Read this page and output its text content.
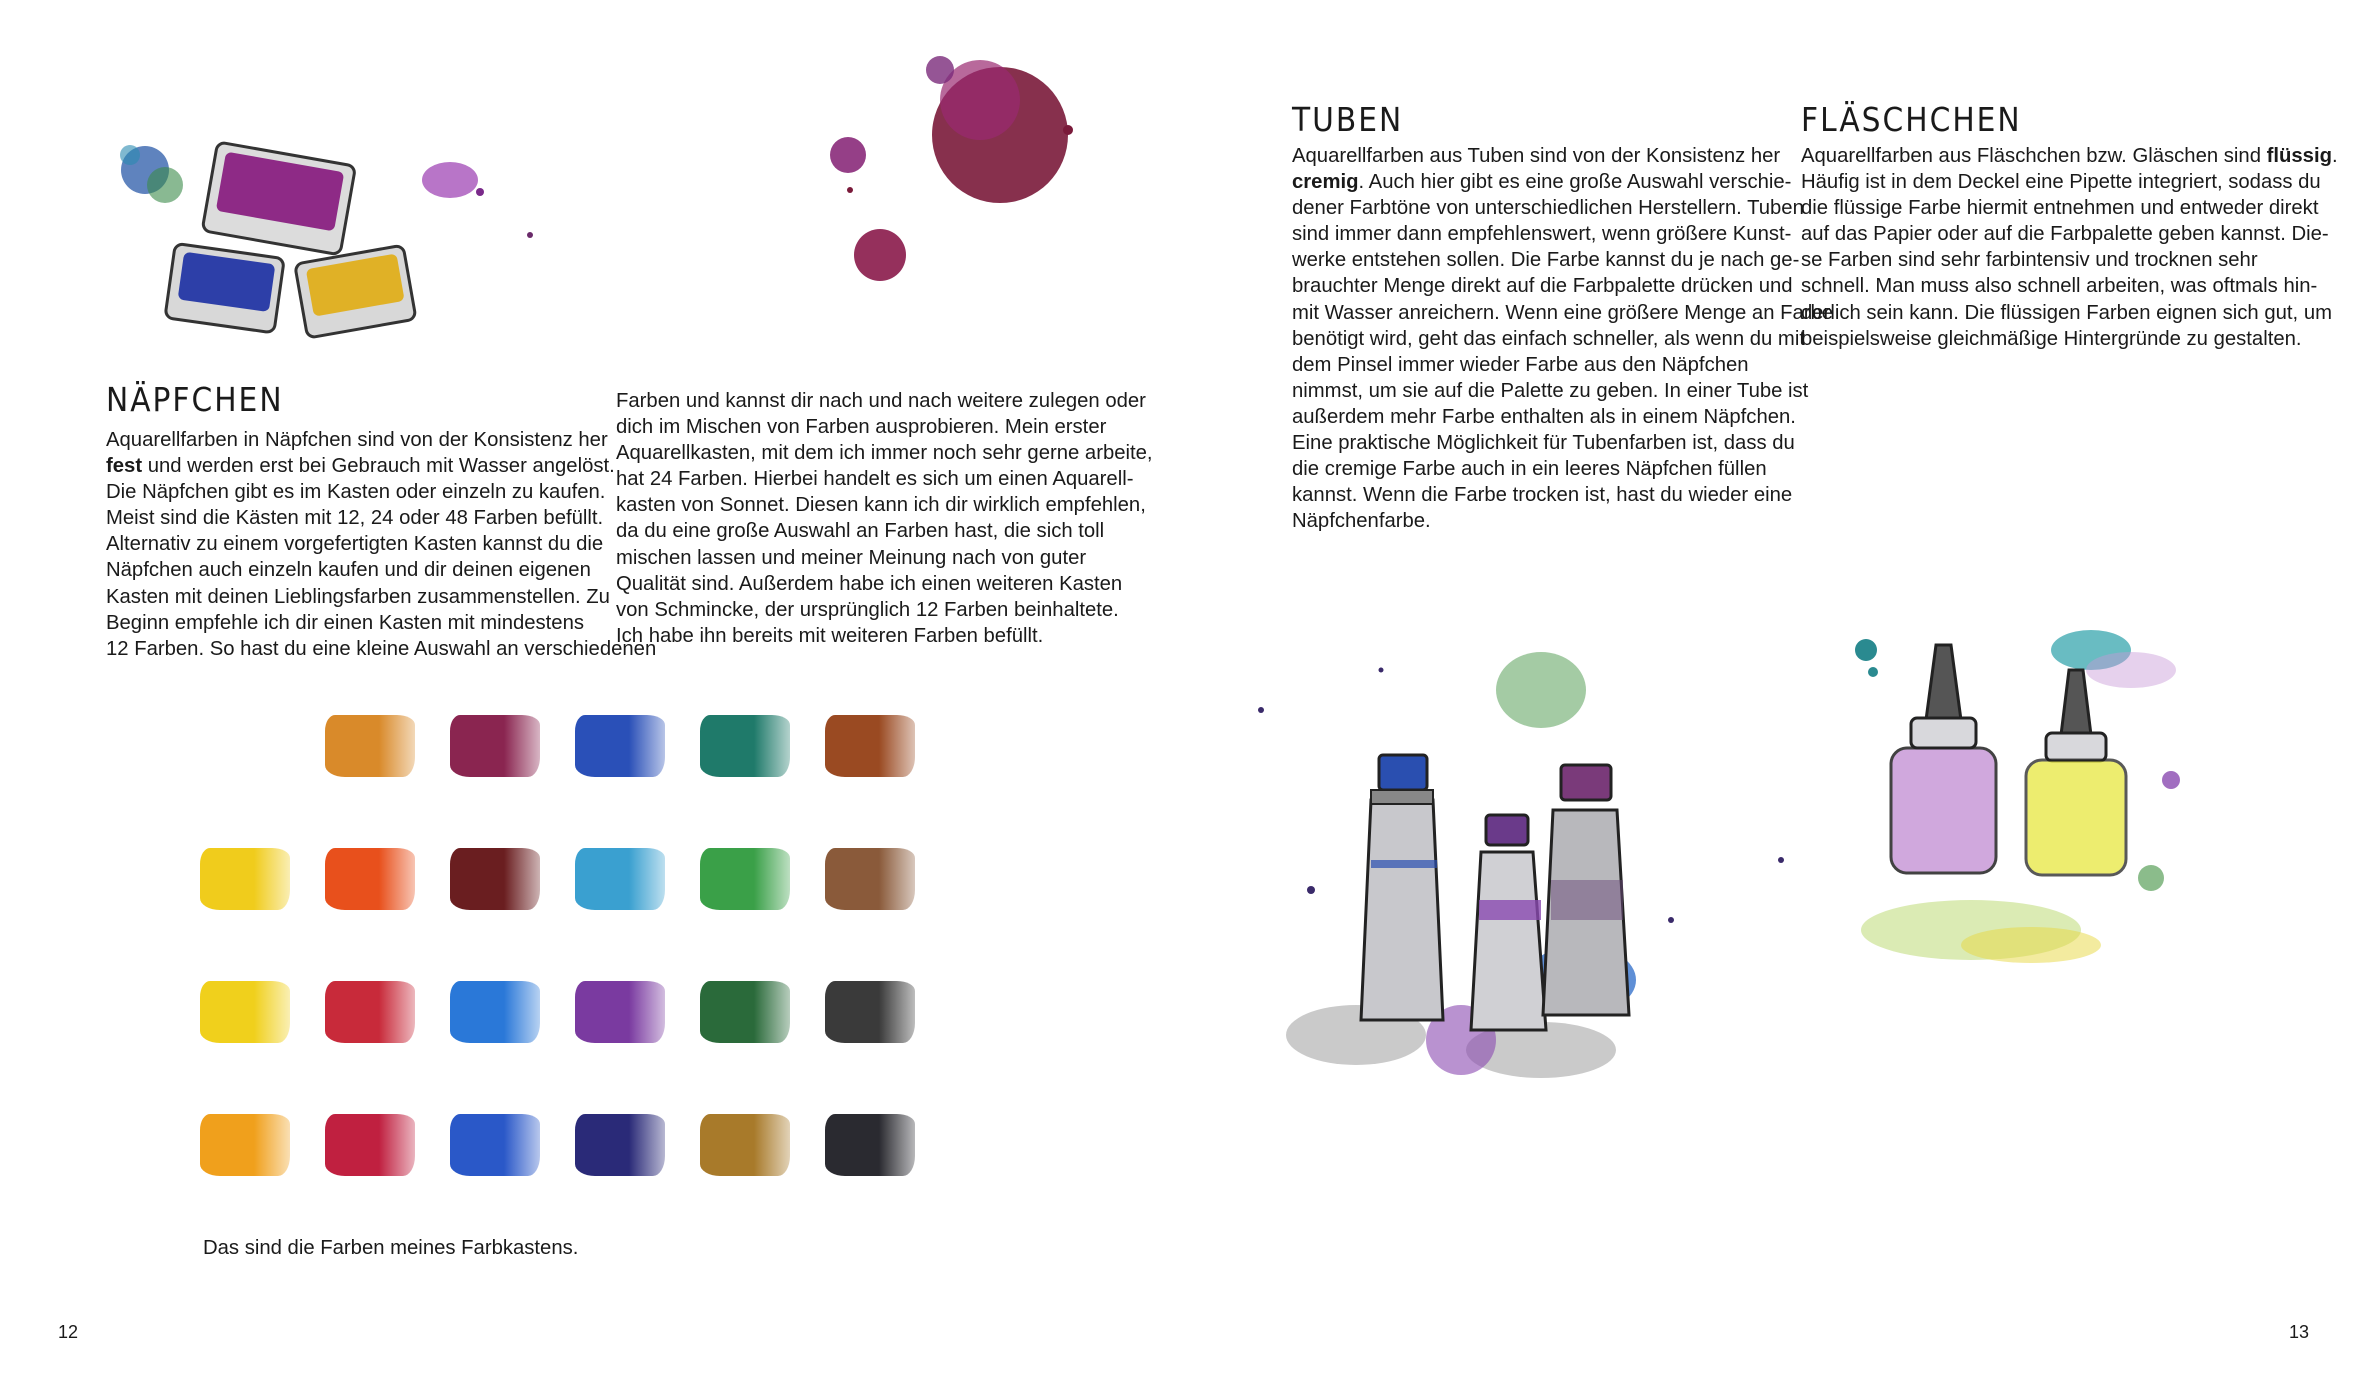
NÄPFCHEN
Aquarellfarben in Näpfchen sind von der Konsistenz her
fest und werden erst bei Gebrauch mit Wasser angelöst.
Die Näpfchen gibt es im Kasten oder einzeln zu kaufen.
Meist sind die Kästen mit 12, 24 oder 48 Farben befüllt.
Alternativ zu einem vorgefertigten Kasten kannst du die
Näpfchen auch einzeln kaufen und dir deinen eigenen
Kasten mit deinen Lieblingsfarben zusammenstellen. Zu
Beginn empfehle ich dir einen Kasten mit mindestens
12 Farben. So hast du eine kleine Auswahl an verschiedenen
Farben und kannst dir nach und nach weitere zulegen oder
dich im Mischen von Farben ausprobieren. Mein erster
Aquarellkasten, mit dem ich immer noch sehr gerne arbeite,
hat 24 Farben. Hierbei handelt es sich um einen Aquarell-
kasten von Sonnet. Diesen kann ich dir wirklich empfehlen,
da du eine große Auswahl an Farben hast, die sich toll
mischen lassen und meiner Meinung nach von guter
Qualität sind. Außerdem habe ich einen weiteren Kasten
von Schmincke, der ursprünglich 12 Farben beinhaltete.
Ich habe ihn bereits mit weiteren Farben befüllt.
Das sind die Farben meines Farbkastens.
12
TUBEN
Aquarellfarben aus Tuben sind von der Konsistenz her
cremig. Auch hier gibt es eine große Auswahl verschie-
dener Farbtöne von unterschiedlichen Herstellern. Tuben
sind immer dann empfehlenswert, wenn größere Kunst-
werke entstehen sollen. Die Farbe kannst du je nach ge-
brauchter Menge direkt auf die Farbpalette drücken und
mit Wasser anreichern. Wenn eine größere Menge an Farbe
benötigt wird, geht das einfach schneller, als wenn du mit
dem Pinsel immer wieder Farbe aus den Näpfchen
nimmst, um sie auf die Palette zu geben. In einer Tube ist
außerdem mehr Farbe enthalten als in einem Näpfchen.
Eine praktische Möglichkeit für Tubenfarben ist, dass du
die cremige Farbe auch in ein leeres Näpfchen füllen
kannst. Wenn die Farbe trocken ist, hast du wieder eine
Näpfchenfarbe.
FLÄSCHCHEN
Aquarellfarben aus Fläschchen bzw. Gläschen sind flüssig.
Häufig ist in dem Deckel eine Pipette integriert, sodass du
die flüssige Farbe hiermit entnehmen und entweder direkt
auf das Papier oder auf die Farbpalette geben kannst. Die-
se Farben sind sehr farbintensiv und trocknen sehr
schnell. Man muss also schnell arbeiten, was oftmals hin-
derlich sein kann. Die flüssigen Farben eignen sich gut, um
beispielsweise gleichmäßige Hintergründe zu gestalten.
13
